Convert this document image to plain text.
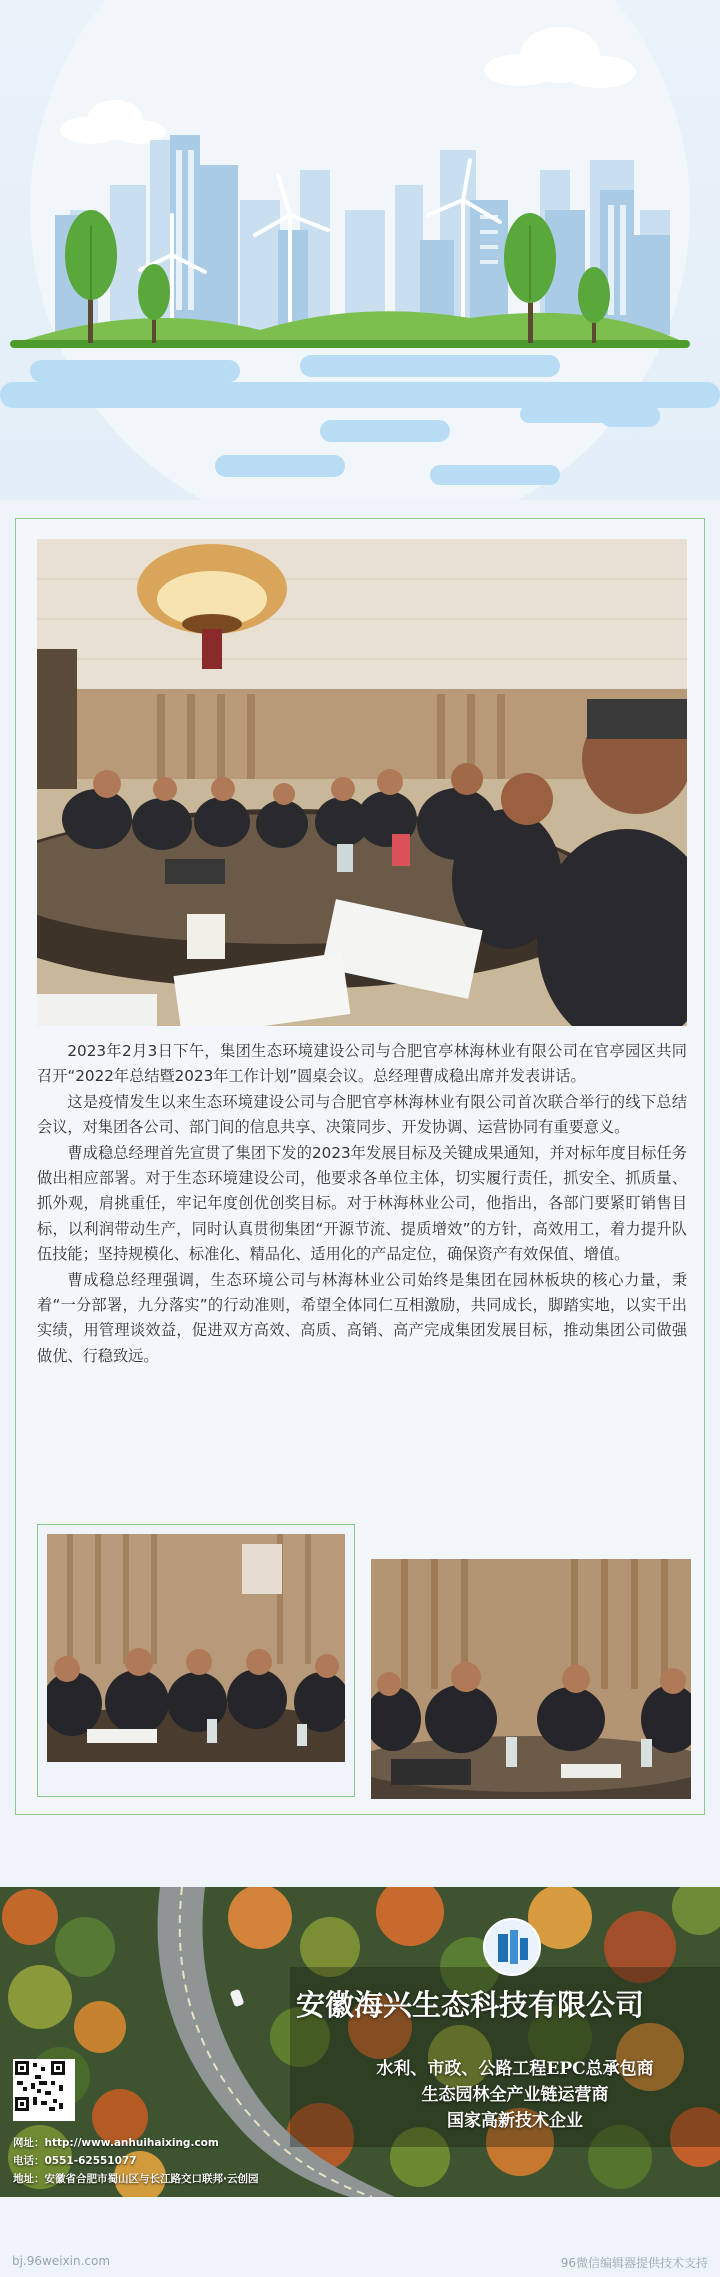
2023年2月3日下午，集团生态环境建设公司与合肥官亭林海林业有限公司在官亭园区共同召开“2022年总结暨2023年工作计划”圆桌会议。总经理曹成稳出席并发表讲话。

这是疫情发生以来生态环境建设公司与合肥官亭林海林业有限公司首次联合举行的线下总结会议，对集团各公司、部门间的信息共享、决策同步、开发协调、运营协同有重要意义。

曹成稳总经理首先宣贯了集团下发的2023年发展目标及关键成果通知，并对标年度目标任务做出相应部署。对于生态环境建设公司，他要求各单位主体，切实履行责任，抓安全、抓质量、抓外观，肩挑重任，牢记年度创优创奖目标。对于林海林业公司，他指出，各部门要紧盯销售目标，以利润带动生产，同时认真贯彻集团“开源节流、提质增效”的方针，高效用工，着力提升队伍技能；坚持规模化、标准化、精品化、适用化的产品定位，确保资产有效保值、增值。

曹成稳总经理强调，生态环境公司与林海林业公司始终是集团在园林板块的核心力量，秉着“一分部署，九分落实”的行动准则，希望全体同仁互相激励，共同成长，脚踏实地，以实干出实绩，用管理谈效益，促进双方高效、高质、高销、高产完成集团发展目标，推动集团公司做强做优、行稳致远。

安徽海兴生态科技有限公司
水利、市政、公路工程EPC总承包商
生态园林全产业链运营商
国家高新技术企业
网址：http://www.anhuihaixing.com
电话：0551-62551077
地址：安徽省合肥市蜀山区与长江路交口联邦·云创园
bj.96weixin.com	96微信编辑器提供技术支持
